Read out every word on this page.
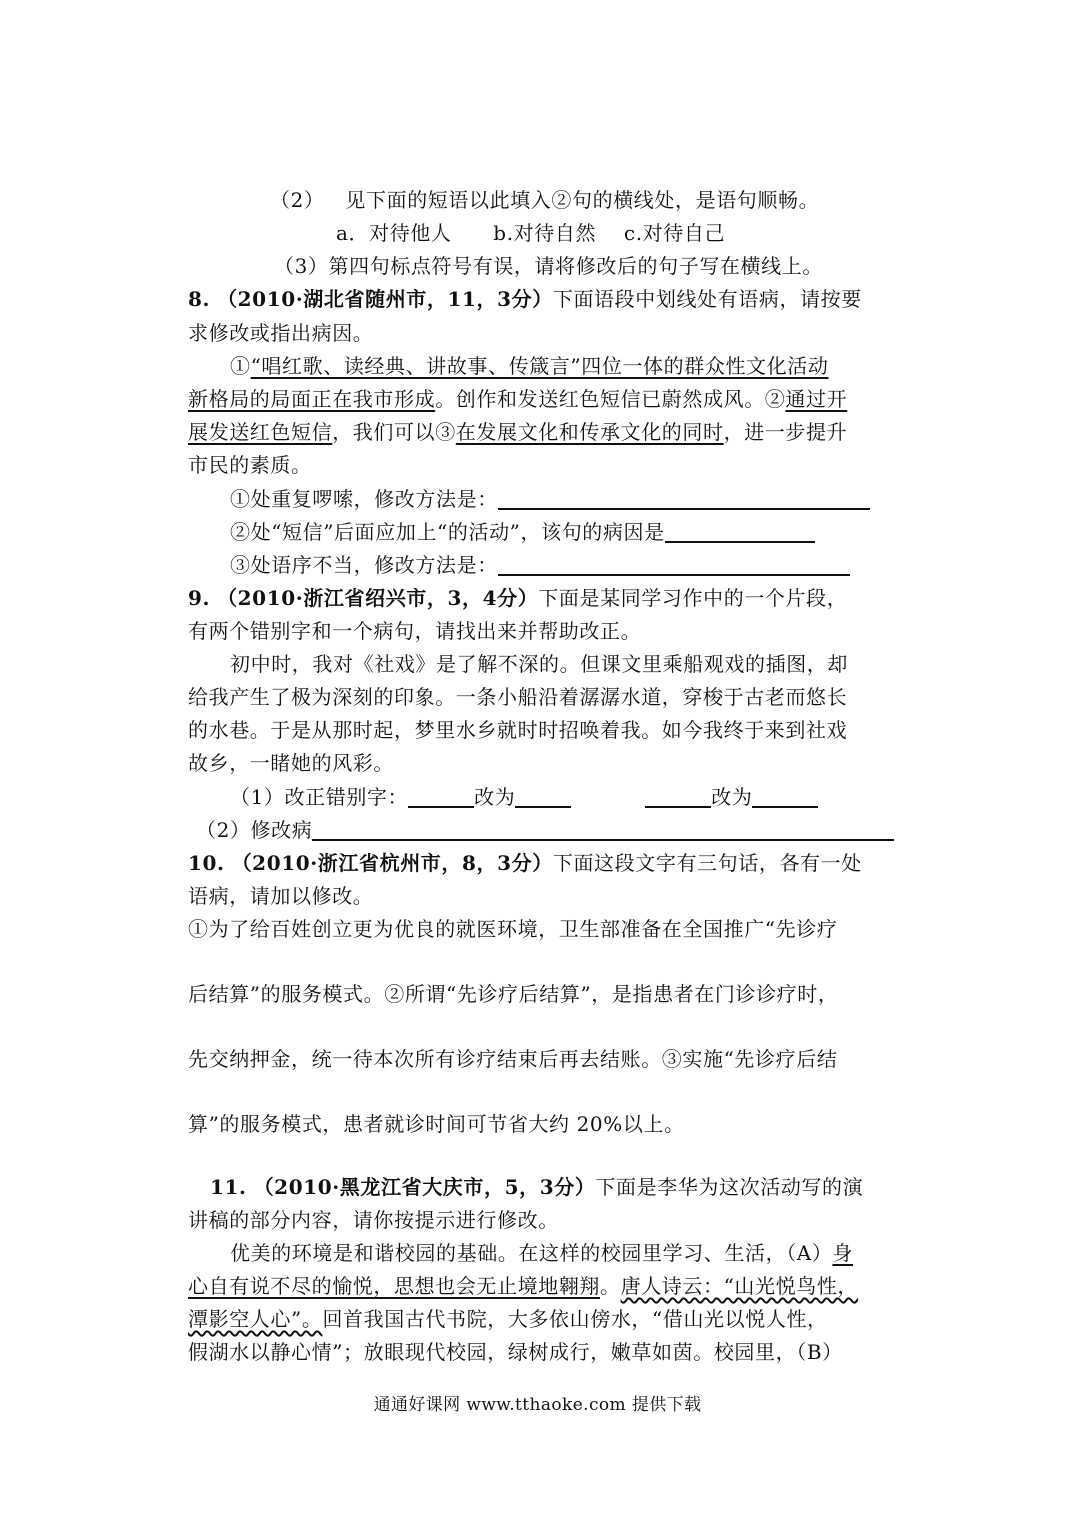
（2） 见下面的短语以此填入②句的横线处，是语句顺畅。
a．对待他人 b.对待自然 c.对待自己
（3）第四句标点符号有误，请将修改后的句子写在横线上。
8. （2010·湖北省随州市，11，3分）下面语段中划线处有语病，请按要
求修改或指出病因。
①“唱红歌、读经典、讲故事、传箴言”四位一体的群众性文化活动
新格局的局面正在我市形成。创作和发送红色短信已蔚然成风。②通过开
展发送红色短信，我们可以③在发展文化和传承文化的同时，进一步提升
市民的素质。
①处重复啰嗦，修改方法是：
②处“短信”后面应加上“的活动”，该句的病因是
③处语序不当，修改方法是：
9. （2010·浙江省绍兴市，3，4分）下面是某同学习作中的一个片段，
有两个错别字和一个病句，请找出来并帮助改正。
初中时，我对《社戏》是了解不深的。但课文里乘船观戏的插图，却
给我产生了极为深刻的印象。一条小船沿着潺潺水道，穿梭于古老而悠长
的水巷。于是从那时起，梦里水乡就时时招唤着我。如今我终于来到社戏
故乡，一睹她的风彩。
（1）改正错别字：	改为	改为
（2）修改病
10. （2010·浙江省杭州市，8，3分）下面这段文字有三句话，各有一处
语病，请加以修改。
①为了给百姓创立更为优良的就医环境，卫生部准备在全国推广“先诊疗
后结算”的服务模式。②所谓“先诊疗后结算”，是指患者在门诊诊疗时，
先交纳押金，统一待本次所有诊疗结束后再去结账。③实施“先诊疗后结
算”的服务模式，患者就诊时间可节省大约 20%以上。
11. （2010·黑龙江省大庆市，5，3分）下面是李华为这次活动写的演
讲稿的部分内容，请你按提示进行修改。
优美的环境是和谐校园的基础。在这样的校园里学习、生活，（A）身
心自有说不尽的愉悦，思想也会无止境地翱翔。唐人诗云：“山光悦鸟性，
潭影空人心”。回首我国古代书院，大多依山傍水，“借山光以悦人性，
假湖水以静心情”；放眼现代校园，绿树成行，嫩草如茵。校园里，（B）
通通好课网 www.tthaoke.com 提供下载
